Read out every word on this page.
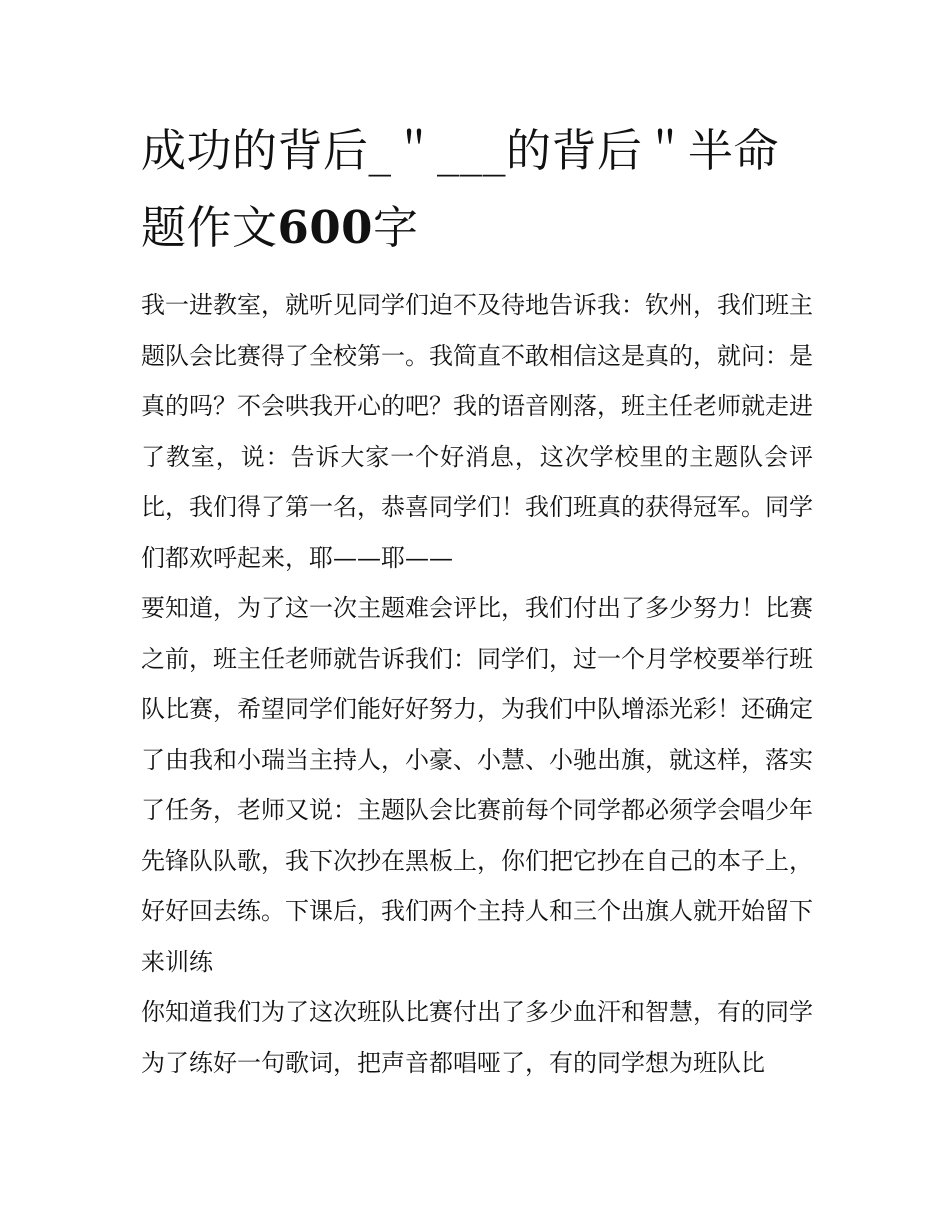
成功的背后_＂___的背后＂半命题作文600字

我一进教室，就听见同学们迫不及待地告诉我：钦州，我们班主题队会比赛得了全校第一。我简直不敢相信这是真的，就问：是真的吗？不会哄我开心的吧？我的语音刚落，班主任老师就走进了教室，说：告诉大家一个好消息，这次学校里的主题队会评比，我们得了第一名，恭喜同学们！我们班真的获得冠军。同学们都欢呼起来，耶——耶——

要知道，为了这一次主题难会评比，我们付出了多少努力！比赛之前，班主任老师就告诉我们：同学们，过一个月学校要举行班队比赛，希望同学们能好好努力，为我们中队增添光彩！还确定了由我和小瑞当主持人，小豪、小慧、小驰出旗，就这样，落实了任务，老师又说：主题队会比赛前每个同学都必须学会唱少年先锋队队歌，我下次抄在黑板上，你们把它抄在自己的本子上，好好回去练。下课后，我们两个主持人和三个出旗人就开始留下来训练

你知道我们为了这次班队比赛付出了多少血汗和智慧，有的同学为了练好一句歌词，把声音都唱哑了，有的同学想为班队比
